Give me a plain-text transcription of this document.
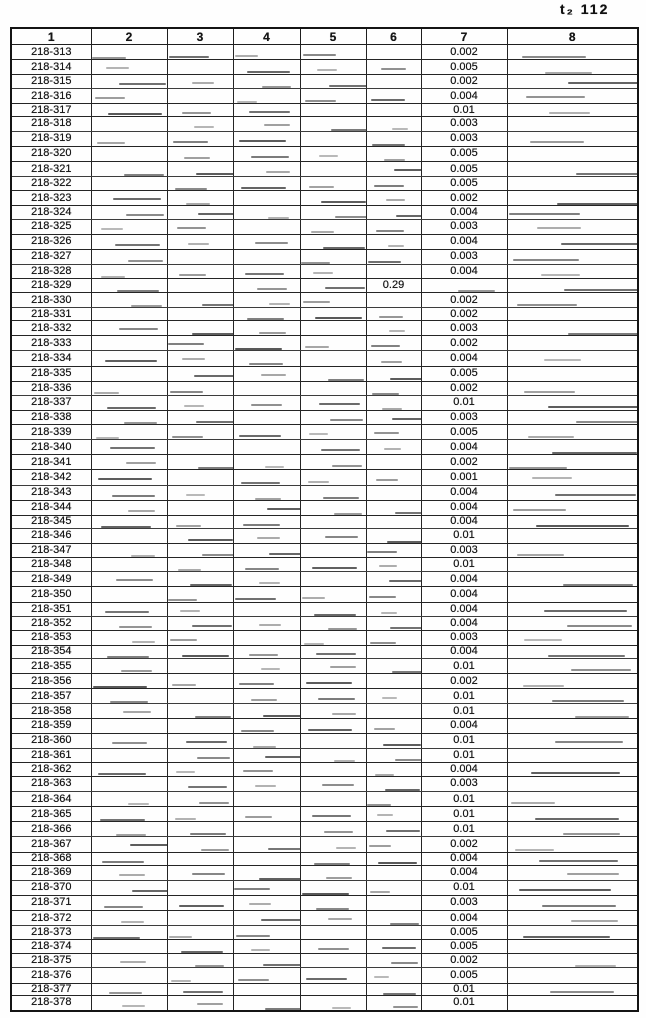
t₂ 112
1	2	3	4	5	6	7	8
218-313						0.002	

218-314						0.005	

218-315						0.002	

218-316						0.004	

218-317						0.01	

218-318						0.003	
218-319						0.003	

218-320						0.005	
218-321						0.005	

218-322						0.005	
218-323						0.002	

218-324						0.004	

218-325						0.003	

218-326						0.004	

218-327						0.003	

218-328						0.004	

218-329					0.29	

218-330						0.002	

218-331						0.002	
218-332						0.003	

218-333						0.002	
218-334						0.004	

218-335						0.005	
218-336						0.002	

218-337						0.01	

218-338						0.003	

218-339						0.005	

218-340						0.004	

218-341						0.002	

218-342						0.001	

218-343						0.004	

218-344						0.004	

218-345						0.004	

218-346						0.01	
218-347						0.003	

218-348						0.01	
218-349						0.004	

218-350						0.004	
218-351						0.004	

218-352						0.004	

218-353						0.003	

218-354						0.004	

218-355						0.01	

218-356						0.002	

218-357						0.01	

218-358						0.01	

218-359						0.004	
218-360						0.01	

218-361						0.01	
218-362						0.004	

218-363						0.003	
218-364						0.01	

218-365						0.01	

218-366						0.01	

218-367						0.002	

218-368						0.004	

218-369						0.004	

218-370						0.01	

218-371						0.003	

218-372						0.004	

218-373						0.005	

218-374						0.005	
218-375						0.002	

218-376						0.005	
218-377						0.01	

218-378						0.01	
